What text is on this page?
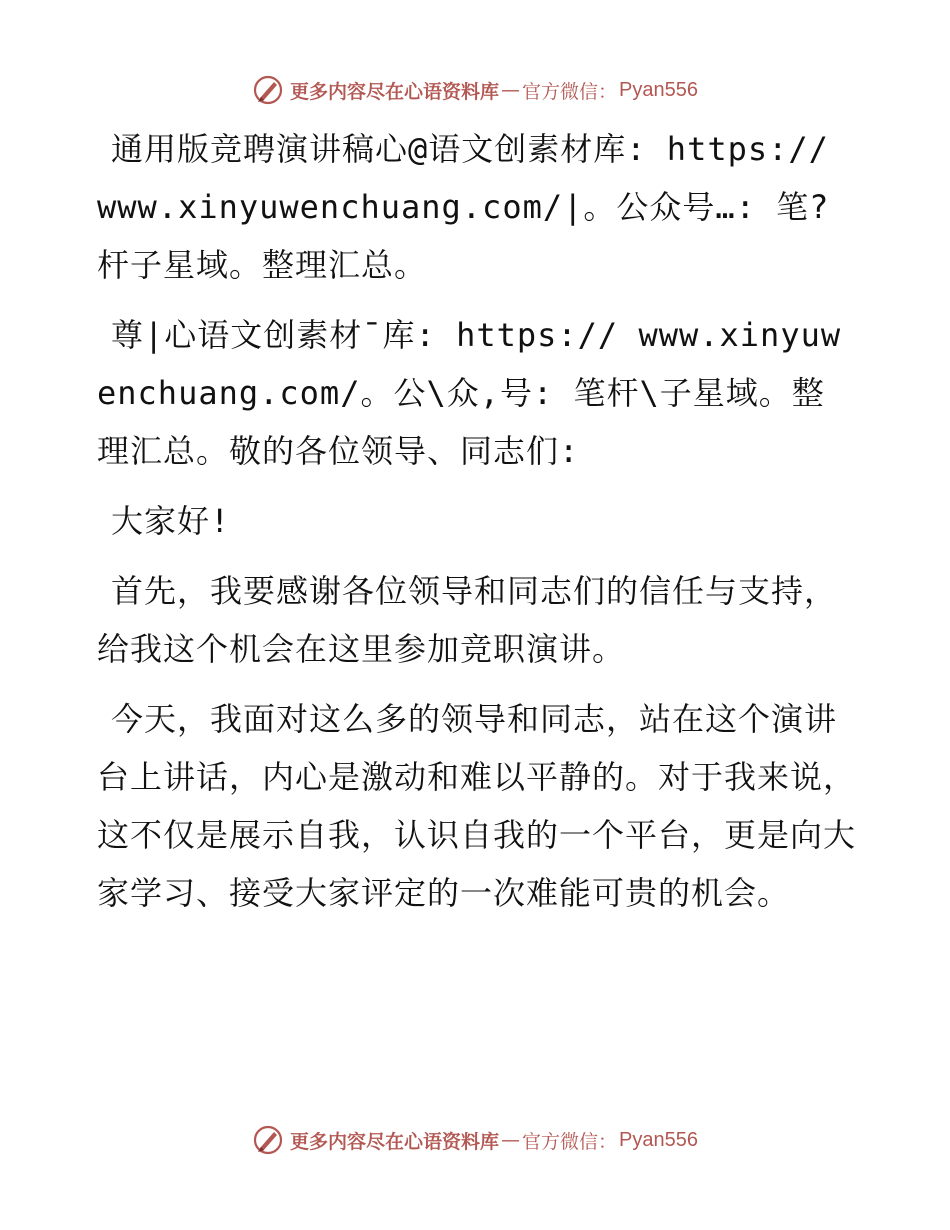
更多内容尽在心语资料库 — 官方微信： Pyan556

通用版竞聘演讲稿心@语文创素材库: https:// www.xinyuwenchuang.com/|。公众号…: 笔?杆子星域。整理汇总。

尊|心语文创素材¯库: https:// www.xinyuwenchuang.com/。公\众,号: 笔杆\子星域。整理汇总。敬的各位领导、同志们:

大家好!

首先，我要感谢各位领导和同志们的信任与支持，给我这个机会在这里参加竞职演讲。

今天，我面对这么多的领导和同志，站在这个演讲台上讲话，内心是激动和难以平静的。对于我来说，这不仅是展示自我，认识自我的一个平台，更是向大家学习、接受大家评定的一次难能可贵的机会。

更多内容尽在心语资料库 — 官方微信： Pyan556
